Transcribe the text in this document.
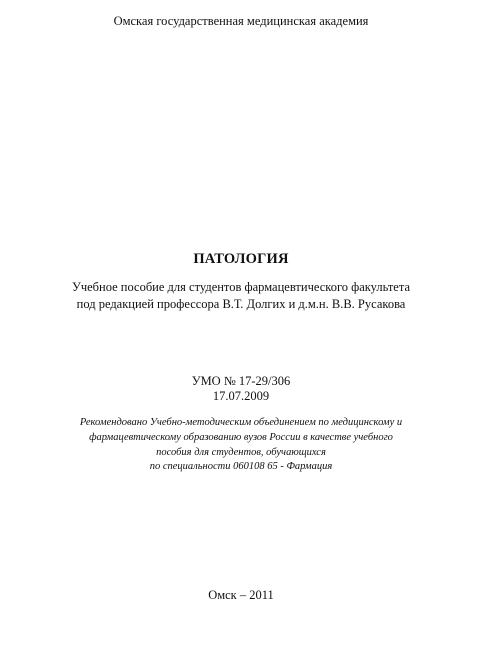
Омская государственная медицинская академия
ПАТОЛОГИЯ
Учебное пособие для студентов фармацевтического факультета
под редакцией профессора В.Т. Долгих и д.м.н. В.В. Русакова
УМО № 17-29/306
17.07.2009
Рекомендовано Учебно-методическим объединением по медицинскому и
фармацевтическому образованию вузов России в качестве учебного
пособия для студентов, обучающихся
по специальности 060108 65 - Фармация
Омск – 2011
